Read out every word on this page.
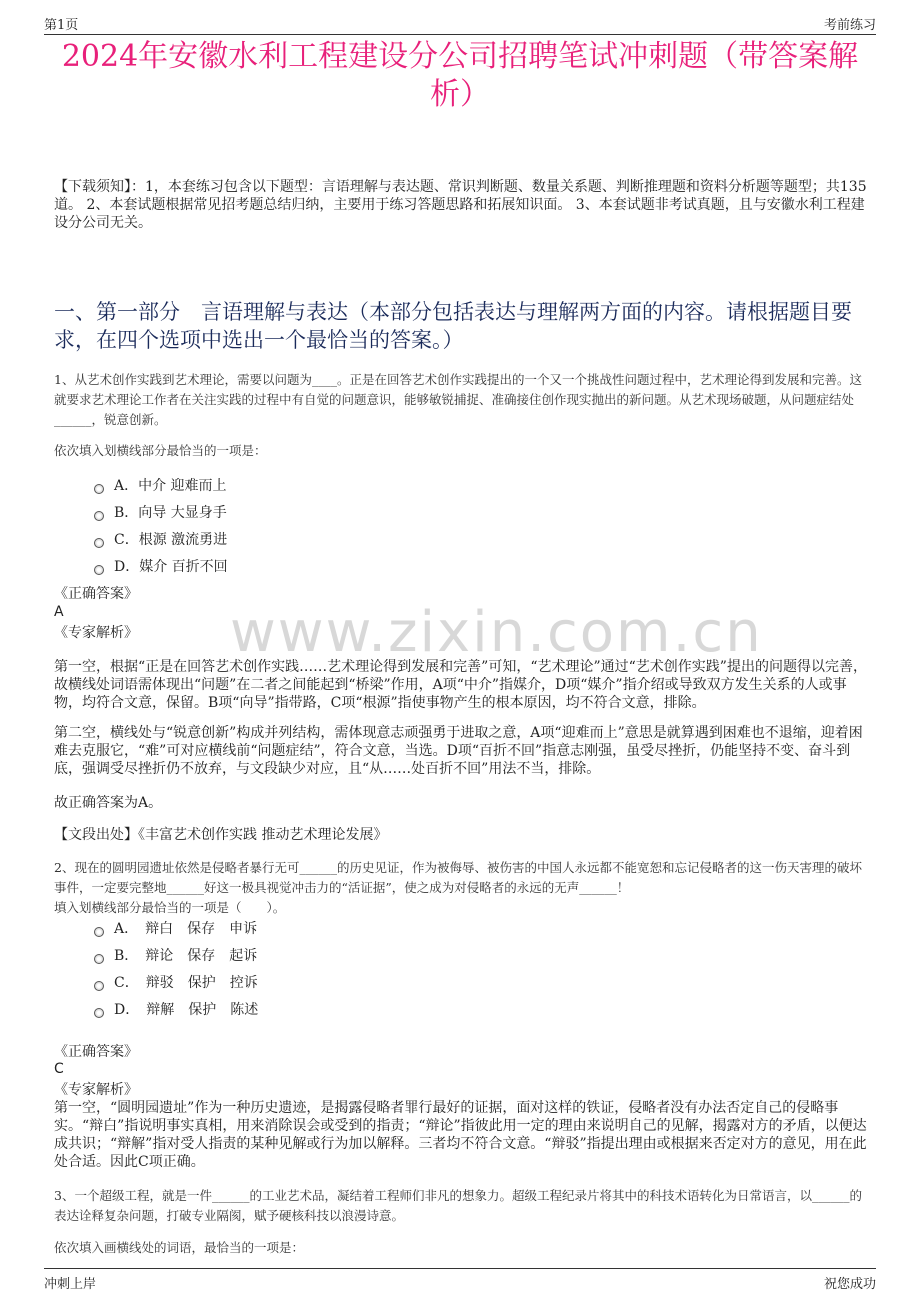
第1页	考前练习
2024年安徽水利工程建设分公司招聘笔试冲刺题（带答案解析）
【下载须知】：1，本套练习包含以下题型：言语理解与表达题、常识判断题、数量关系题、判断推理题和资料分析题等题型；共135道。 2、本套试题根据常见招考题总结归纳，主要用于练习答题思路和拓展知识面。 3、本套试题非考试真题，且与安徽水利工程建设分公司无关。
一、第一部分　言语理解与表达（本部分包括表达与理解两方面的内容。请根据题目要求，在四个选项中选出一个最恰当的答案。）
www.zixin.com.cn
1、从艺术创作实践到艺术理论，需要以问题为____。正是在回答艺术创作实践提出的一个又一个挑战性问题过程中，艺术理论得到发展和完善。这就要求艺术理论工作者在关注实践的过程中有自觉的问题意识，能够敏锐捕捉、准确接住创作现实抛出的新问题。从艺术现场破题，从问题症结处______，锐意创新。
依次填入划横线部分最恰当的一项是：
A．中介 迎难而上
B．向导 大显身手
C．根源 激流勇进
D．媒介 百折不回
《正确答案》
A
《专家解析》
第一空，根据“正是在回答艺术创作实践……艺术理论得到发展和完善”可知，“艺术理论”通过“艺术创作实践”提出的问题得以完善，故横线处词语需体现出“问题”在二者之间能起到“桥梁”作用，A项“中介”指媒介，D项“媒介”指介绍或导致双方发生关系的人或事物，均符合文意，保留。B项“向导”指带路，C项“根源”指使事物产生的根本原因，均不符合文意，排除。
第二空，横线处与“锐意创新”构成并列结构，需体现意志顽强勇于进取之意，A项“迎难而上”意思是就算遇到困难也不退缩，迎着困难去克服它，“难”可对应横线前“问题症结”，符合文意，当选。D项“百折不回”指意志刚强，虽受尽挫折，仍能坚持不变、奋斗到底，强调受尽挫折仍不放弃，与文段缺少对应，且“从……处百折不回”用法不当，排除。
故正确答案为A。
【文段出处】《丰富艺术创作实践 推动艺术理论发展》
2、现在的圆明园遗址依然是侵略者暴行无可______的历史见证，作为被侮辱、被伤害的中国人永远都不能宽恕和忘记侵略者的这一伤天害理的破坏事件，一定要完整地______好这一极具视觉冲击力的“活证据”，使之成为对侵略者的永远的无声______！
填入划横线部分最恰当的一项是（　　）。
A．　辩白　保存　申诉
B．　辩论　保存　起诉
C．　辩驳　保护　控诉
D．　辩解　保护　陈述
《正确答案》
C
《专家解析》
第一空，“圆明园遗址”作为一种历史遗迹，是揭露侵略者罪行最好的证据，面对这样的铁证，侵略者没有办法否定自己的侵略事实。“辩白”指说明事实真相，用来消除误会或受到的指责；“辩论”指彼此用一定的理由来说明自己的见解，揭露对方的矛盾，以便达成共识；“辩解”指对受人指责的某种见解或行为加以解释。三者均不符合文意。“辩驳”指提出理由或根据来否定对方的意见，用在此处合适。因此C项正确。
3、一个超级工程，就是一件______的工业艺术品，凝结着工程师们非凡的想象力。超级工程纪录片将其中的科技术语转化为日常语言，以______的表达诠释复杂问题，打破专业隔阂，赋予硬核科技以浪漫诗意。
依次填入画横线处的词语，最恰当的一项是：
冲刺上岸	祝您成功
